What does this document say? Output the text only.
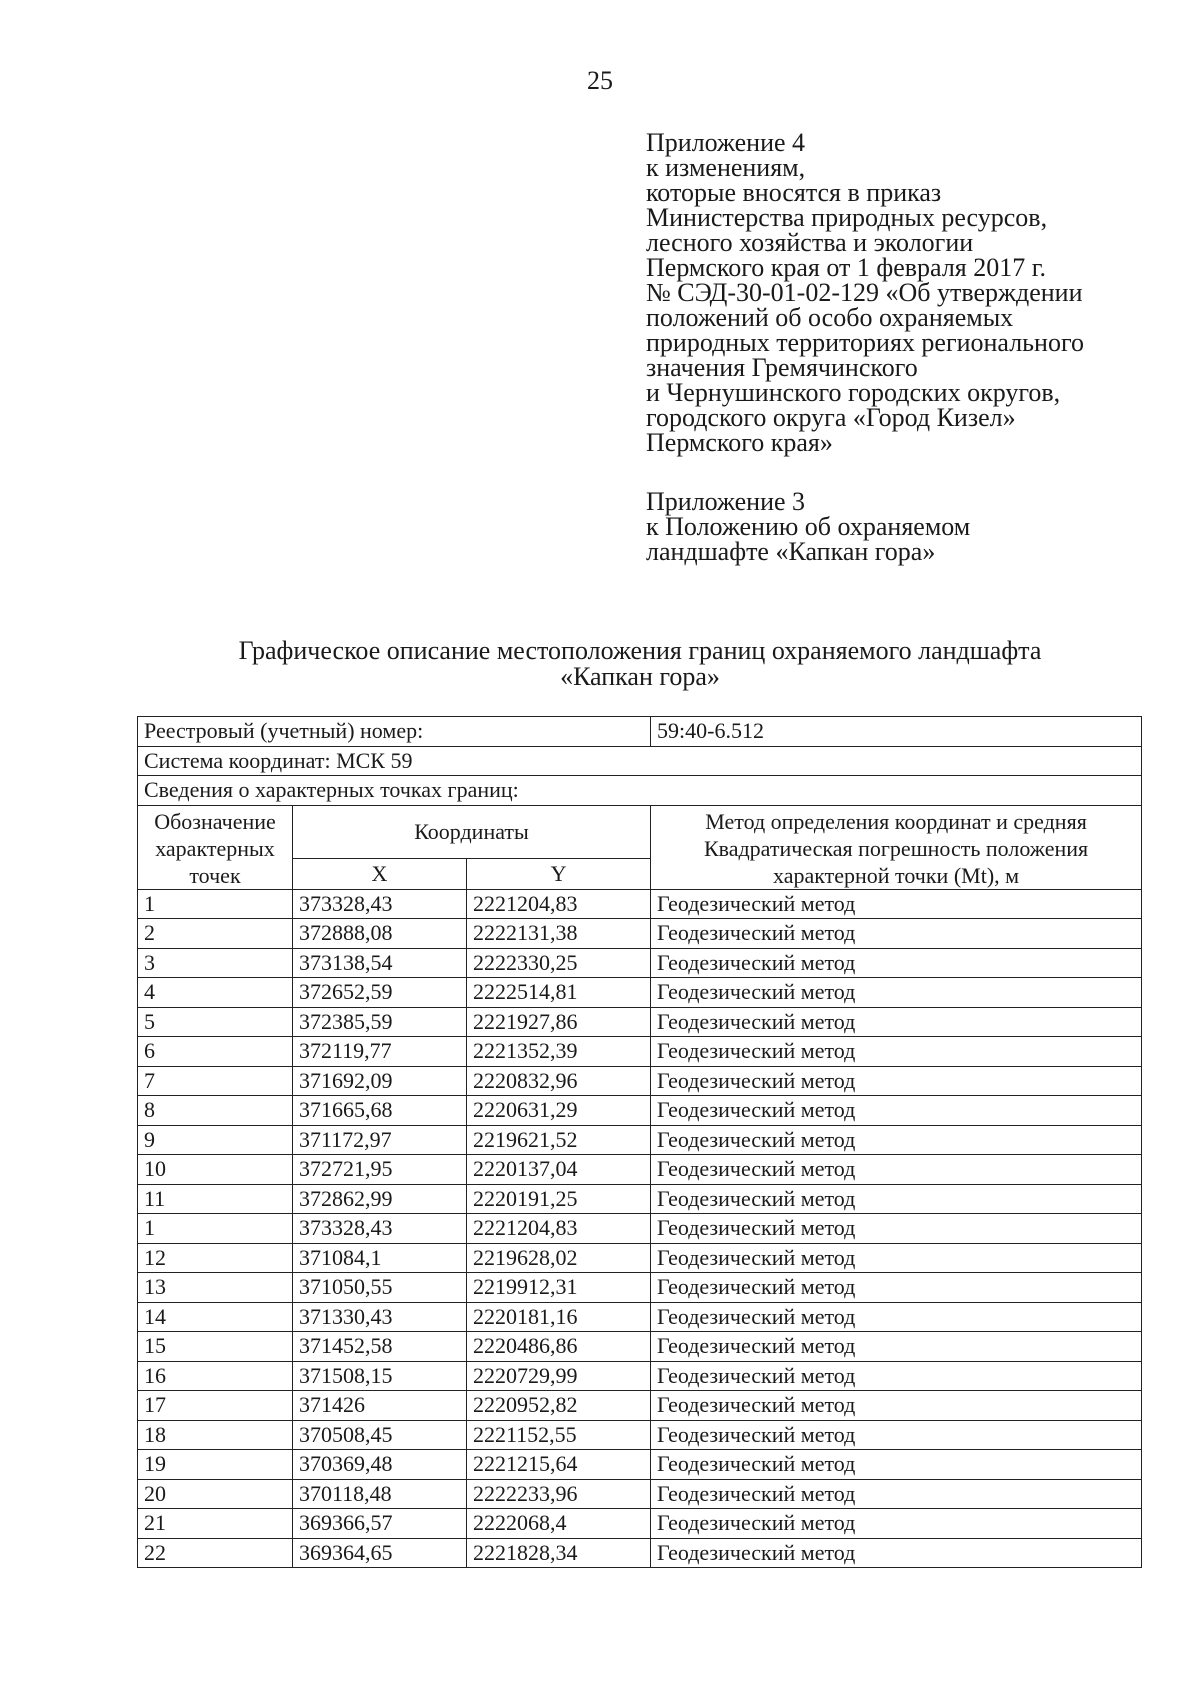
25
Приложение 4
к изменениям,
которые вносятся в приказ
Министерства природных ресурсов,
лесного хозяйства и экологии
Пермского края от 1 февраля 2017 г.
№ СЭД-30-01-02-129 «Об утверждении
положений об особо охраняемых
природных территориях регионального
значения Гремячинского
и Чернушинского городских округов,
городского округа «Город Кизел»
Пермского края»
Приложение 3
к Положению об охраняемом
ландшафте «Капкан гора»
Графическое описание местоположения границ охраняемого ландшафта
«Капкан гора»
Реестровый (учетный) номер:			59:40-6.512
Система координат: МСК 59			
Сведения о характерных точках границ:			
Обозначение характерных точек	Координаты		Метод определения координат и средняя Квадратическая погрешность положения характерной точки (Mt), м
	X	Y	
1	373328,43	2221204,83	Геодезический метод
2	372888,08	2222131,38	Геодезический метод
3	373138,54	2222330,25	Геодезический метод
4	372652,59	2222514,81	Геодезический метод
5	372385,59	2221927,86	Геодезический метод
6	372119,77	2221352,39	Геодезический метод
7	371692,09	2220832,96	Геодезический метод
8	371665,68	2220631,29	Геодезический метод
9	371172,97	2219621,52	Геодезический метод
10	372721,95	2220137,04	Геодезический метод
11	372862,99	2220191,25	Геодезический метод
1	373328,43	2221204,83	Геодезический метод
12	371084,1	2219628,02	Геодезический метод
13	371050,55	2219912,31	Геодезический метод
14	371330,43	2220181,16	Геодезический метод
15	371452,58	2220486,86	Геодезический метод
16	371508,15	2220729,99	Геодезический метод
17	371426	2220952,82	Геодезический метод
18	370508,45	2221152,55	Геодезический метод
19	370369,48	2221215,64	Геодезический метод
20	370118,48	2222233,96	Геодезический метод
21	369366,57	2222068,4	Геодезический метод
22	369364,65	2221828,34	Геодезический метод
